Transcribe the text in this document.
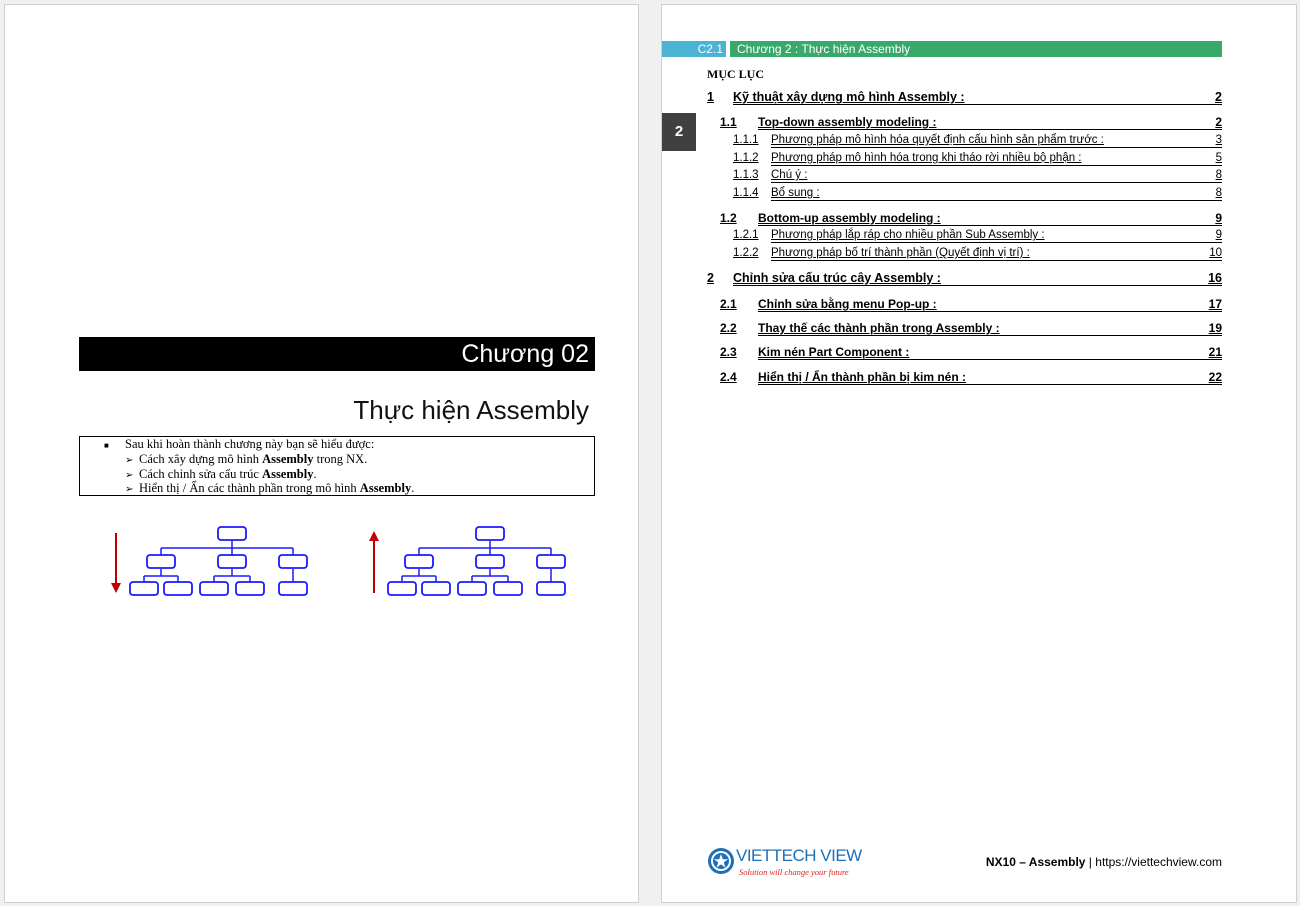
Chương 02
Thực hiện Assembly
■ Sau khi hoàn thành chương này bạn sẽ hiểu được:
➢ Cách xây dựng mô hình Assembly trong NX.
➢ Cách chỉnh sửa cấu trúc Assembly.
➢ Hiển thị / Ẩn các thành phần trong mô hình Assembly.
C2.1	Chương 2 : Thực hiện Assembly
2
MỤC LỤC
1 Kỹ thuật xây dựng mô hình Assembly :	2
1.1 Top-down assembly modeling :	2
1.1.1 Phương pháp mô hình hóa quyết định cấu hình sản phẩm trước :	3
1.1.2 Phương pháp mô hình hóa trong khi tháo rời nhiều bộ phận :	5
1.1.3 Chú ý :	8
1.1.4 Bổ sung :	8
1.2 Bottom-up assembly modeling :	9
1.2.1 Phương pháp lắp ráp cho nhiều phần Sub Assembly :	9
1.2.2 Phương pháp bố trí thành phần (Quyết định vị trí) :	10
2 Chỉnh sửa cấu trúc cây Assembly :	16
2.1 Chỉnh sửa bằng menu Pop-up :	17
2.2 Thay thế các thành phần trong Assembly :	19
2.3 Kim nén Part Component :	21
2.4 Hiển thị / Ẩn thành phần bị kim nén :	22
VIETTECH VIEW
Solution will change your future
NX10 – Assembly | https://viettechview.com
